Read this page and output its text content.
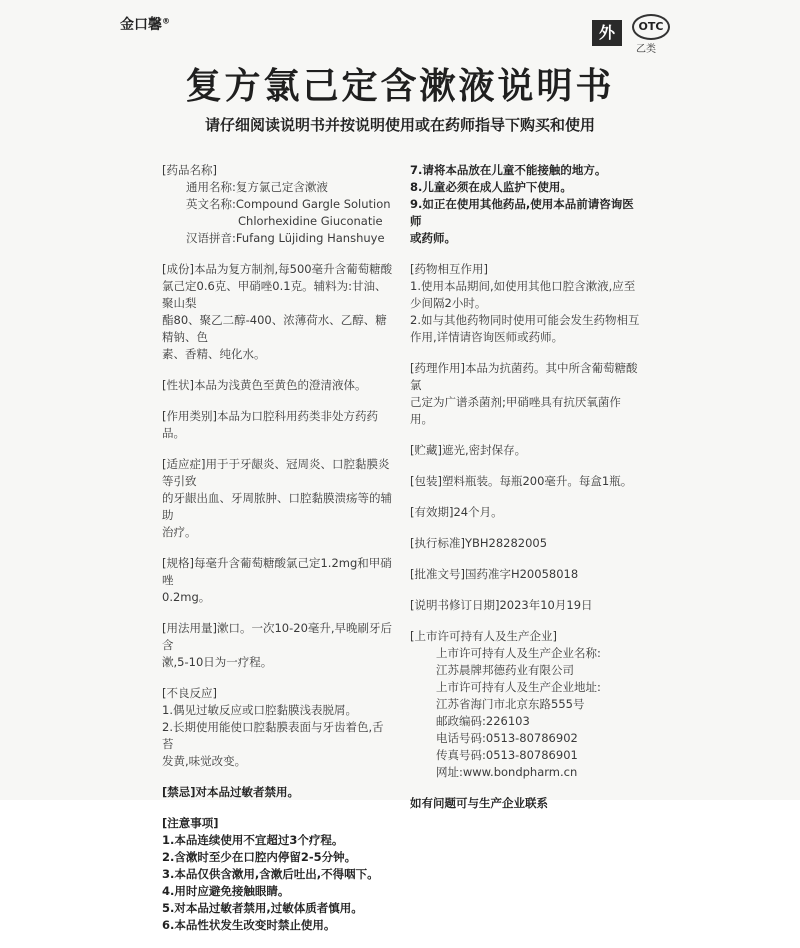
金口馨®
外	OTC
乙类
复方氯己定含漱液说明书
请仔细阅读说明书并按说明使用或在药师指导下购买和使用
[药品名称]
通用名称:复方氯己定含漱液
英文名称:Compound Gargle Solution
Chlorhexidine Giuconatie
汉语拼音:Fufang Lüjiding Hanshuye
[成份]本品为复方制剂,每500毫升含葡萄糖酸
氯己定0.6克、甲硝唑0.1克。辅料为:甘油、聚山梨
酯80、聚乙二醇-400、浓薄荷水、乙醇、糖精钠、色
素、香精、纯化水。
[性状]本品为浅黄色至黄色的澄清液体。
[作用类别]本品为口腔科用药类非处方药药品。
[适应症]用于于牙龈炎、冠周炎、口腔黏膜炎等引致
的牙龈出血、牙周脓肿、口腔黏膜溃疡等的辅助
治疗。
[规格]每毫升含葡萄糖酸氯己定1.2mg和甲硝唑
0.2mg。
[用法用量]漱口。一次10-20毫升,早晚刷牙后含
漱,5-10日为一疗程。
[不良反应]
1.偶见过敏反应或口腔黏膜浅表脱屑。
2.长期使用能使口腔黏膜表面与牙齿着色,舌苔
发黄,味觉改变。
[禁忌]对本品过敏者禁用。
[注意事项]
1.本品连续使用不宜超过3个疗程。
2.含漱时至少在口腔内停留2-5分钟。
3.本品仅供含漱用,含漱后吐出,不得咽下。
4.用时应避免接触眼睛。
5.对本品过敏者禁用,过敏体质者慎用。
6.本品性状发生改变时禁止使用。
7.请将本品放在儿童不能接触的地方。
8.儿童必须在成人监护下使用。
9.如正在使用其他药品,使用本品前请咨询医师
或药师。
[药物相互作用]
1.使用本品期间,如使用其他口腔含漱液,应至
少间隔2小时。
2.如与其他药物同时使用可能会发生药物相互
作用,详情请咨询医师或药师。
[药理作用]本品为抗菌药。其中所含葡萄糖酸氯
己定为广谱杀菌剂;甲硝唑具有抗厌氧菌作用。
[贮藏]遮光,密封保存。
[包装]塑料瓶装。每瓶200毫升。每盒1瓶。
[有效期]24个月。
[执行标准]YBH28282005
[批准文号]国药准字H20058018
[说明书修订日期]2023年10月19日
[上市许可持有人及生产企业]
上市许可持有人及生产企业名称:
江苏晨牌邦德药业有限公司
上市许可持有人及生产企业地址:
江苏省海门市北京东路555号
邮政编码:226103
电话号码:0513-80786902
传真号码:0513-80786901
网址:www.bondpharm.cn
如有问题可与生产企业联系
